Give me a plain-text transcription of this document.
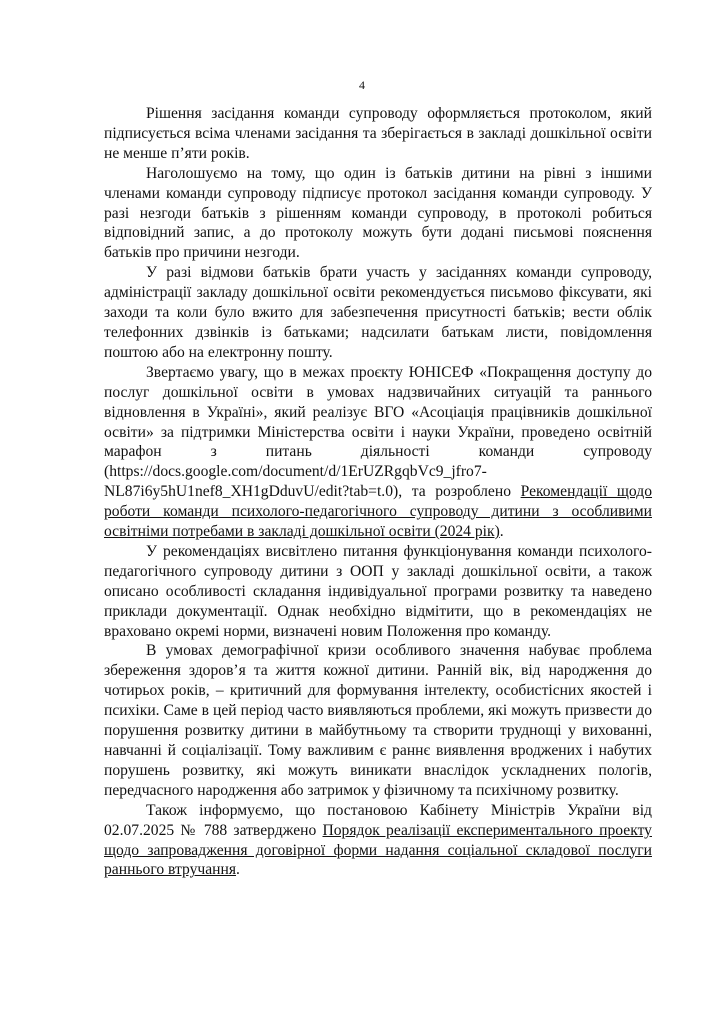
4

Рішення засідання команди супроводу оформляється протоколом, який підписується всіма членами засідання та зберігається в закладі дошкільної освіти не менше п’яти років.

Наголошуємо на тому, що один із батьків дитини на рівні з іншими членами команди супроводу підписує протокол засідання команди супроводу. У разі незгоди батьків з рішенням команди супроводу, в протоколі робиться відповідний запис, а до протоколу можуть бути додані письмові пояснення батьків про причини незгоди.

У разі відмови батьків брати участь у засіданнях команди супроводу, адміністрації закладу дошкільної освіти рекомендується письмово фіксувати, які заходи та коли було вжито для забезпечення присутності батьків; вести облік телефонних дзвінків із батьками; надсилати батькам листи, повідомлення поштою або на електронну пошту.

Звертаємо увагу, що в межах проєкту ЮНІСЕФ «Покращення доступу до послуг дошкільної освіти в умовах надзвичайних ситуацій та раннього відновлення в Україні», який реалізує ВГО «Асоціація працівників дошкільної освіти» за підтримки Міністерства освіти і науки України, проведено освітній марафон з питань діяльності команди супроводу (https://docs.google.com/document/d/1ErUZRgqbVc9_jfro7- NL87i6y5hU1nef8_XH1gDduvU/edit?tab=t.0), та розроблено Рекомендації щодо роботи команди психолого-педагогічного супроводу дитини з особливими освітніми потребами в закладі дошкільної освіти (2024 рік).

У рекомендаціях висвітлено питання функціонування команди психолого-педагогічного супроводу дитини з ООП у закладі дошкільної освіти, а також описано особливості складання індивідуальної програми розвитку та наведено приклади документації. Однак необхідно відмітити, що в рекомендаціях не враховано окремі норми, визначені новим Положення про команду.

В умовах демографічної кризи особливого значення набуває проблема збереження здоров’я та життя кожної дитини. Ранній вік, від народження до чотирьох років, – критичний для формування інтелекту, особистісних якостей і психіки. Саме в цей період часто виявляються проблеми, які можуть призвести до порушення розвитку дитини в майбутньому та створити труднощі у вихованні, навчанні й соціалізації. Тому важливим є раннє виявлення вроджених і набутих порушень розвитку, які можуть виникати внаслідок ускладнених пологів, передчасного народження або затримок у фізичному та психічному розвитку.

Також інформуємо, що постановою Кабінету Міністрів України від 02.07.2025 № 788 затверджено Порядок реалізації експериментального проекту щодо запровадження договірної форми надання соціальної складової послуги раннього втручання.
